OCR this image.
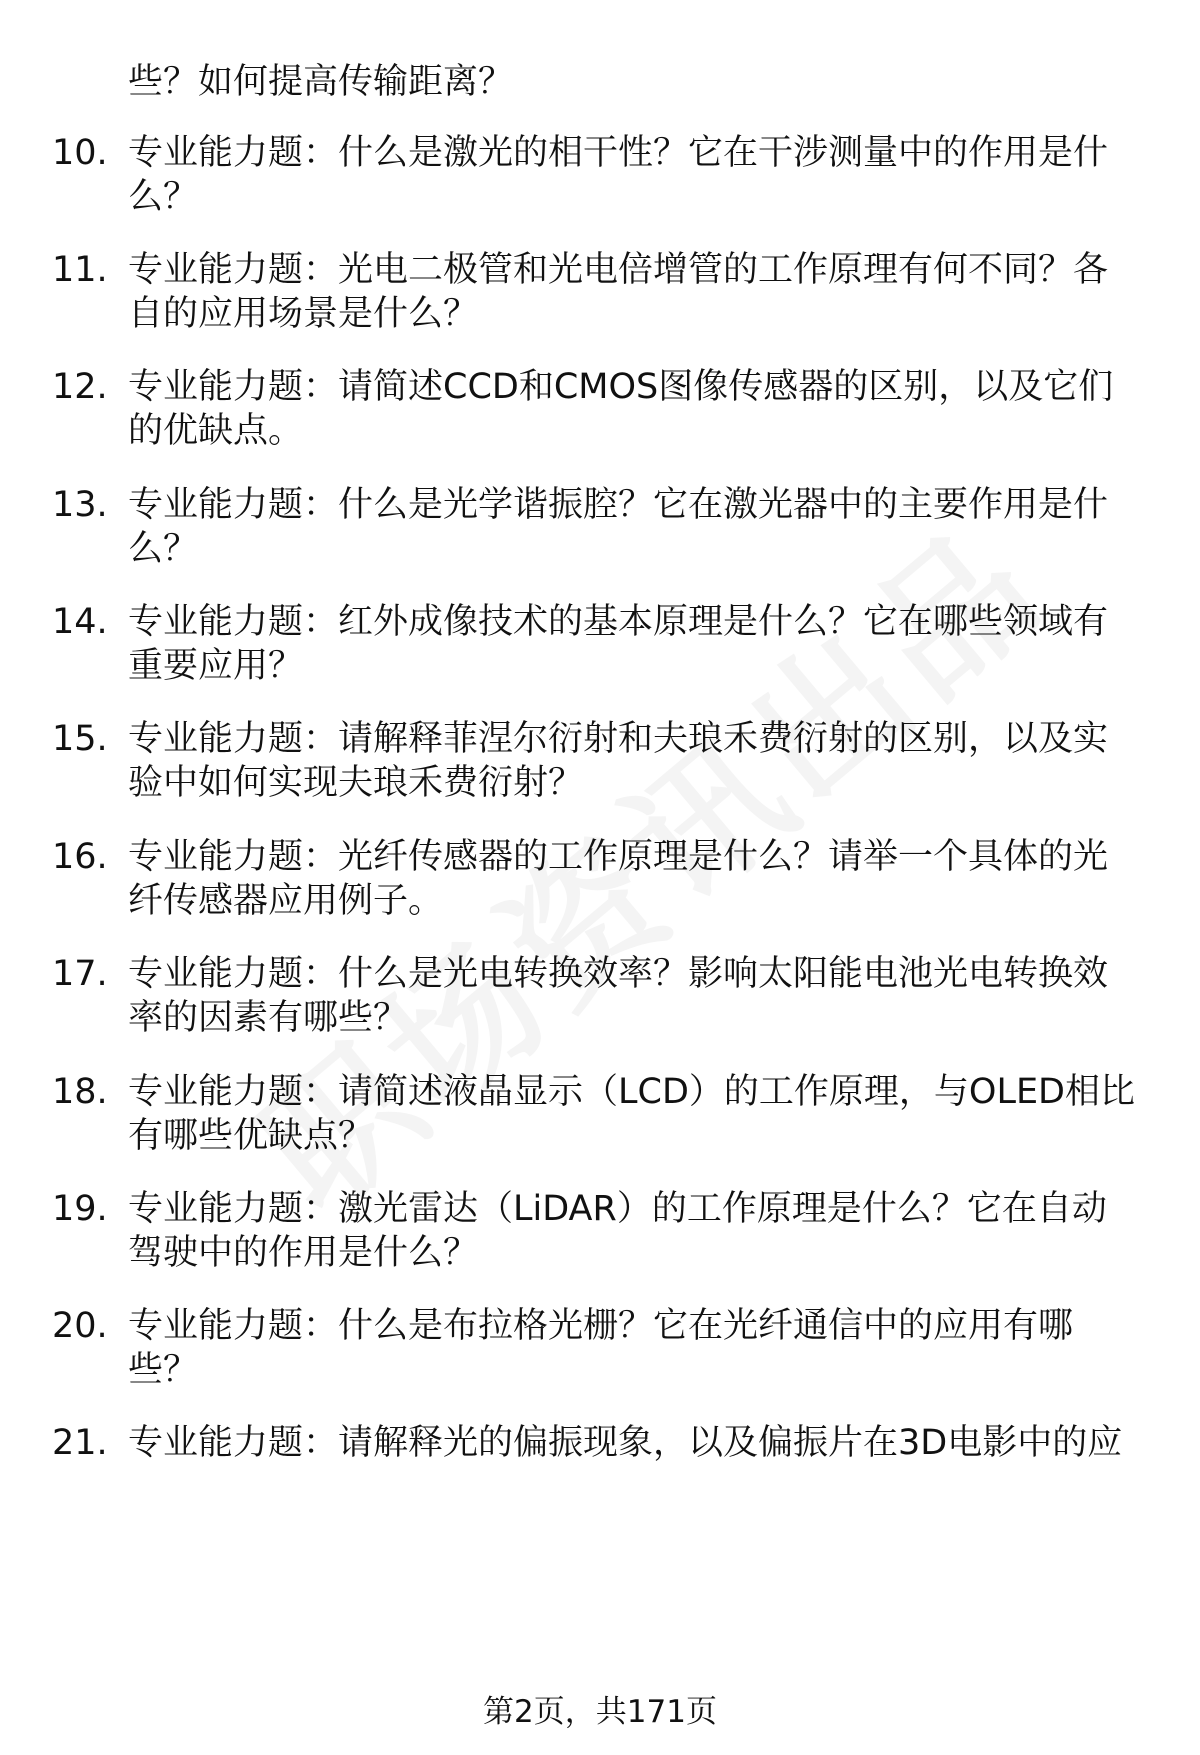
些？如何提高传输距离？
10. 专业能力题：什么是激光的相干性？它在干涉测量中的作用是什
么？
11. 专业能力题：光电二极管和光电倍增管的工作原理有何不同？各
自的应用场景是什么？
12. 专业能力题：请简述CCD和CMOS图像传感器的区别，以及它们
的优缺点。
13. 专业能力题：什么是光学谐振腔？它在激光器中的主要作用是什
么？
14. 专业能力题：红外成像技术的基本原理是什么？它在哪些领域有
重要应用？
15. 专业能力题：请解释菲涅尔衍射和夫琅禾费衍射的区别，以及实
验中如何实现夫琅禾费衍射？
16. 专业能力题：光纤传感器的工作原理是什么？请举一个具体的光
纤传感器应用例子。
17. 专业能力题：什么是光电转换效率？影响太阳能电池光电转换效
率的因素有哪些？
18. 专业能力题：请简述液晶显示（LCD）的工作原理，与OLED相比
有哪些优缺点？
19. 专业能力题：激光雷达（LiDAR）的工作原理是什么？它在自动
驾驶中的作用是什么？
20. 专业能力题：什么是布拉格光栅？它在光纤通信中的应用有哪
些？
21. 专业能力题：请解释光的偏振现象，以及偏振片在3D电影中的应
第2页，共171页
